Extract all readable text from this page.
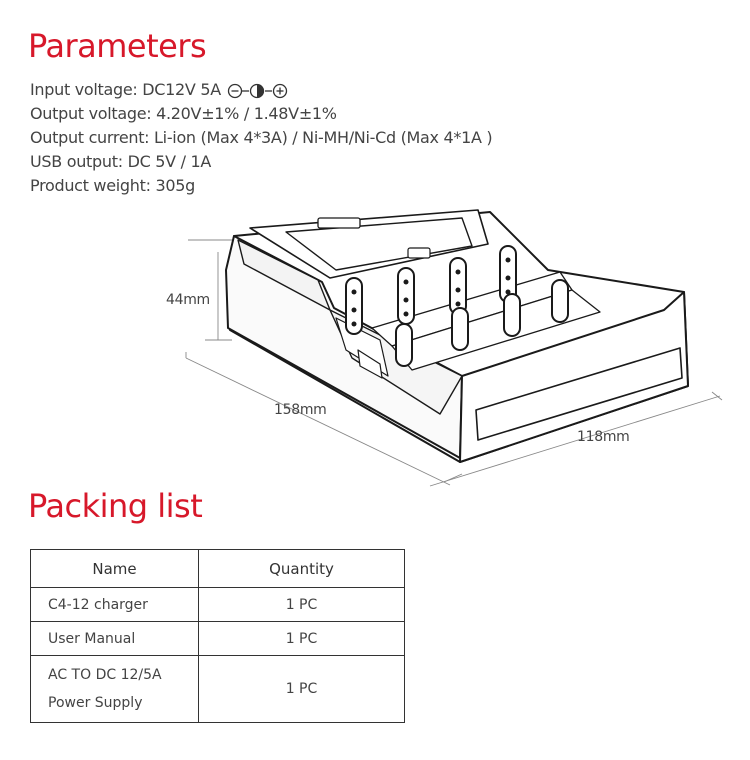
Parameters
Input voltage: DC12V 5A
Output voltage: 4.20V±1% / 1.48V±1%
Output current: Li-ion (Max 4*3A) / Ni-MH/Ni-Cd (Max 4*1A )
USB output: DC 5V / 1A
Product weight: 305g
44mm
158mm
118mm
Packing list
Name	Quantity
C4-12 charger	1 PC
User Manual	1 PC

AC TO DC 12/5A
Power Supply	1 PC
